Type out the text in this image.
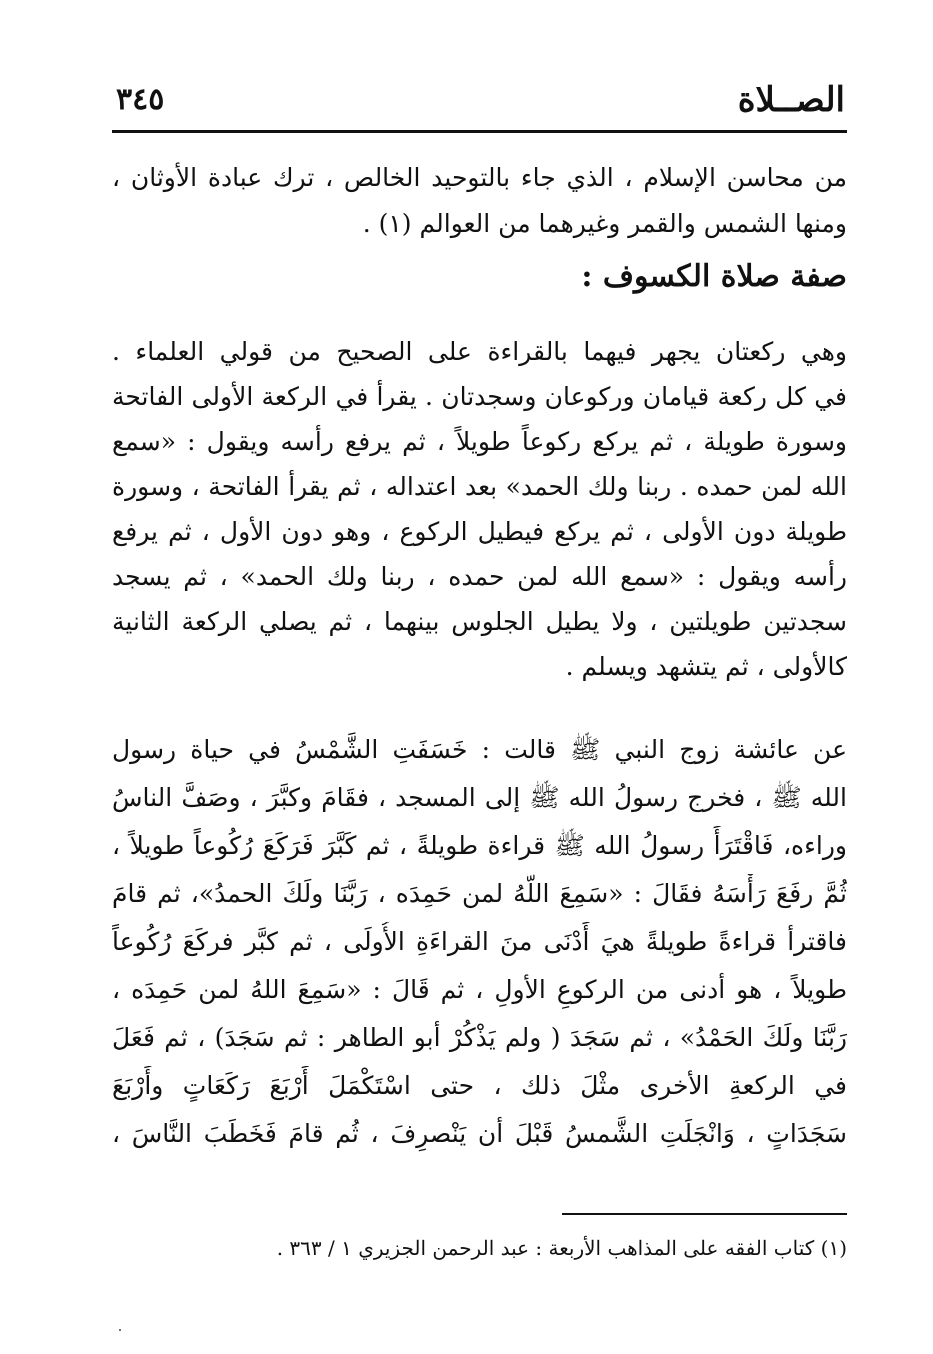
الصــلاة
٣٤٥
من محاسن الإسلام ، الذي جاء بالتوحيد الخالص ، ترك عبادة الأوثان ،
ومنها الشمس والقمر وغيرهما من العوالم (١) .
صفة صلاة الكسوف :
وهي ركعتان يجهر فيهما بالقراءة على الصحيح من قولي العلماء .
في كل ركعة قيامان وركوعان وسجدتان . يقرأ في الركعة الأولى الفاتحة
وسورة طويلة ، ثم يركع ركوعاً طويلاً ، ثم يرفع رأسه ويقول : «سمع
الله لمن حمده . ربنا ولك الحمد» بعد اعتداله ، ثم يقرأ الفاتحة ، وسورة
طويلة دون الأولى ، ثم يركع فيطيل الركوع ، وهو دون الأول ، ثم يرفع
رأسه ويقول : «سمع الله لمن حمده ، ربنا ولك الحمد» ، ثم يسجد
سجدتين طويلتين ، ولا يطيل الجلوس بينهما ، ثم يصلي الركعة الثانية
كالأولى ، ثم يتشهد ويسلم .
عن عائشة زوج النبي ﷺ قالت : خَسَفَتِ الشَّمْسُ في حياة رسول
الله ﷺ ، فخرج رسولُ الله ﷺ إلى المسجد ، فقَامَ وكبَّرَ ، وصَفَّ الناسُ
وراءه، فَاقْتَرَأَ رسولُ الله ﷺ قراءة طويلةً ، ثم كَبَّرَ فَرَكَعَ رُكُوعاً طويلاً ،
ثُمَّ رفَعَ رَأْسَهُ فقَالَ : «سَمِعَ اللَّهُ لمن حَمِدَه ، رَبَّنَا ولَكَ الحمدُ»، ثم قامَ
فاقترأ قراءةً طويلةً هيَ أَدْنَى منَ القراءَةِ الأُولَى ، ثم كبَّر فركَعَ رُكُوعاً
طويلاً ، هو أدنى من الركوعِ الأولِ ، ثم قَالَ : «سَمِعَ اللهُ لمن حَمِدَه ،
رَبَّنَا ولَكَ الحَمْدُ» ، ثم سَجَدَ ( ولم يَذْكُرْ أبو الطاهر : ثم سَجَدَ) ، ثم فَعَلَ
في الركعةِ الأخرى مثْلَ ذلك ، حتى اسْتَكْمَلَ أَرْبَعَ رَكَعَاتٍ وأَرْبَعَ
سَجَدَاتٍ ، وَانْجَلَتِ الشَّمسُ قَبْلَ أن يَنْصرِفَ ، ثُم قامَ فَخَطَبَ النَّاسَ ،
(١) كتاب الفقه على المذاهب الأربعة : عبد الرحمن الجزيري ١ / ٣٦٣ .
